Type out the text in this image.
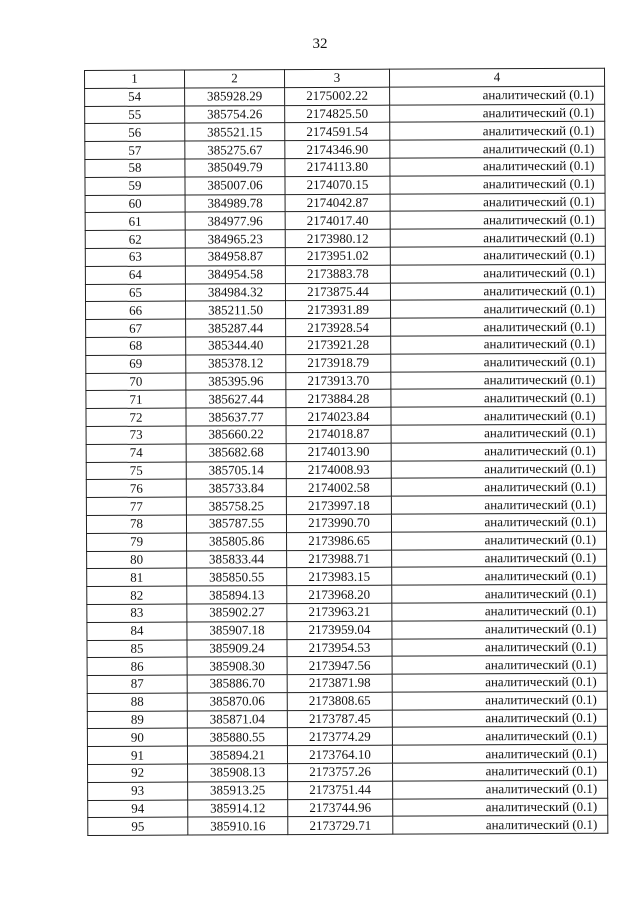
32
1	2	3	4
54	385928.29	2175002.22	аналитический (0.1)
55	385754.26	2174825.50	аналитический (0.1)
56	385521.15	2174591.54	аналитический (0.1)
57	385275.67	2174346.90	аналитический (0.1)
58	385049.79	2174113.80	аналитический (0.1)
59	385007.06	2174070.15	аналитический (0.1)
60	384989.78	2174042.87	аналитический (0.1)
61	384977.96	2174017.40	аналитический (0.1)
62	384965.23	2173980.12	аналитический (0.1)
63	384958.87	2173951.02	аналитический (0.1)
64	384954.58	2173883.78	аналитический (0.1)
65	384984.32	2173875.44	аналитический (0.1)
66	385211.50	2173931.89	аналитический (0.1)
67	385287.44	2173928.54	аналитический (0.1)
68	385344.40	2173921.28	аналитический (0.1)
69	385378.12	2173918.79	аналитический (0.1)
70	385395.96	2173913.70	аналитический (0.1)
71	385627.44	2173884.28	аналитический (0.1)
72	385637.77	2174023.84	аналитический (0.1)
73	385660.22	2174018.87	аналитический (0.1)
74	385682.68	2174013.90	аналитический (0.1)
75	385705.14	2174008.93	аналитический (0.1)
76	385733.84	2174002.58	аналитический (0.1)
77	385758.25	2173997.18	аналитический (0.1)
78	385787.55	2173990.70	аналитический (0.1)
79	385805.86	2173986.65	аналитический (0.1)
80	385833.44	2173988.71	аналитический (0.1)
81	385850.55	2173983.15	аналитический (0.1)
82	385894.13	2173968.20	аналитический (0.1)
83	385902.27	2173963.21	аналитический (0.1)
84	385907.18	2173959.04	аналитический (0.1)
85	385909.24	2173954.53	аналитический (0.1)
86	385908.30	2173947.56	аналитический (0.1)
87	385886.70	2173871.98	аналитический (0.1)
88	385870.06	2173808.65	аналитический (0.1)
89	385871.04	2173787.45	аналитический (0.1)
90	385880.55	2173774.29	аналитический (0.1)
91	385894.21	2173764.10	аналитический (0.1)
92	385908.13	2173757.26	аналитический (0.1)
93	385913.25	2173751.44	аналитический (0.1)
94	385914.12	2173744.96	аналитический (0.1)
95	385910.16	2173729.71	аналитический (0.1)
